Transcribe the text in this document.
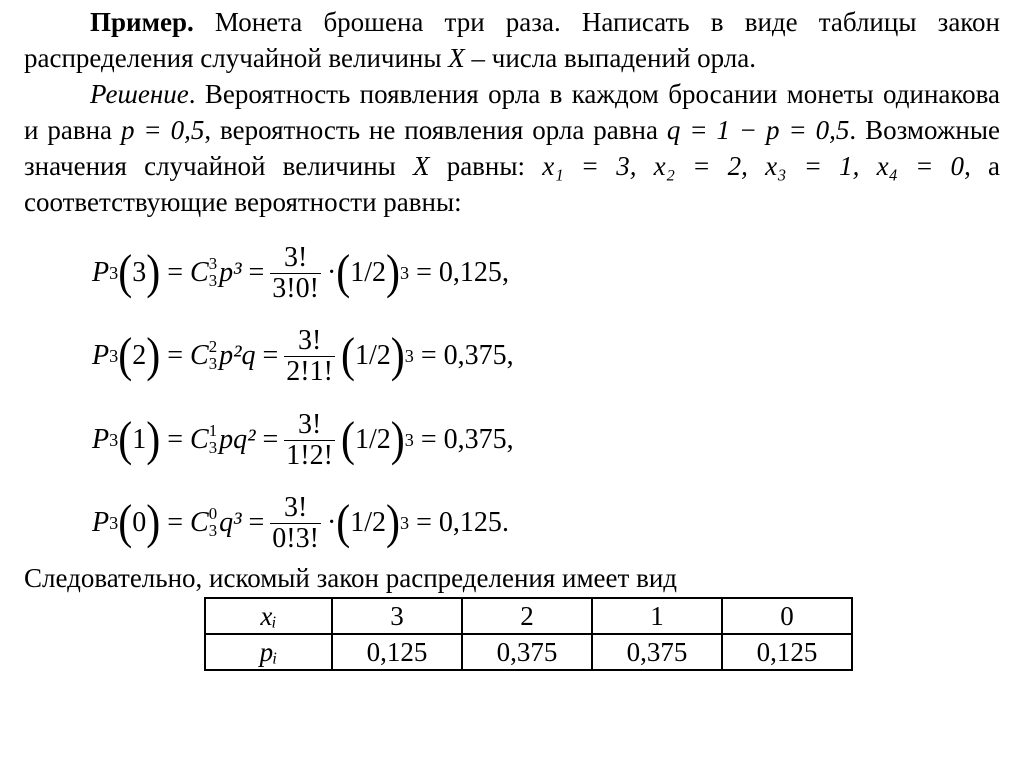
Пример. Монета брошена три раза. Написать в виде таблицы закон распределения случайной величины X – числа выпадений орла.
Решение. Вероятность появления орла в каждом бросании монеты одинакова и равна p = 0,5, вероятность не появления орла равна q = 1 − p = 0,5. Возможные значения случайной величины X равны: x₁ = 3, x₂ = 2, x₃ = 1, x₄ = 0, а соответствующие вероятности равны:
P 3 ( 3 ) = C 3
3 $p^3 = \frac{3!}{3!0!}$ · ( 1/2 ) 3
= 0,125 ,
P 3 ( 2 ) = C 2
3 $p^2q = \frac{3!}{2!1!}$ ( 1/2 ) 3
= 0,375 ,
P 3 ( 1 ) = C 1
3 $pq^2 = \frac{3!}{1!2!}$ ( 1/2 ) 3
= 0,375 ,
P 3 ( 0 ) = C 0
3 $q^3 = \frac{3!}{0!3!}$ · ( 1/2 ) 3
= 0,125 .
Следовательно, искомый закон распределения имеет вид
xᵢ	3	2	1	0
pᵢ	0,125	0,375	0,375	0,125
